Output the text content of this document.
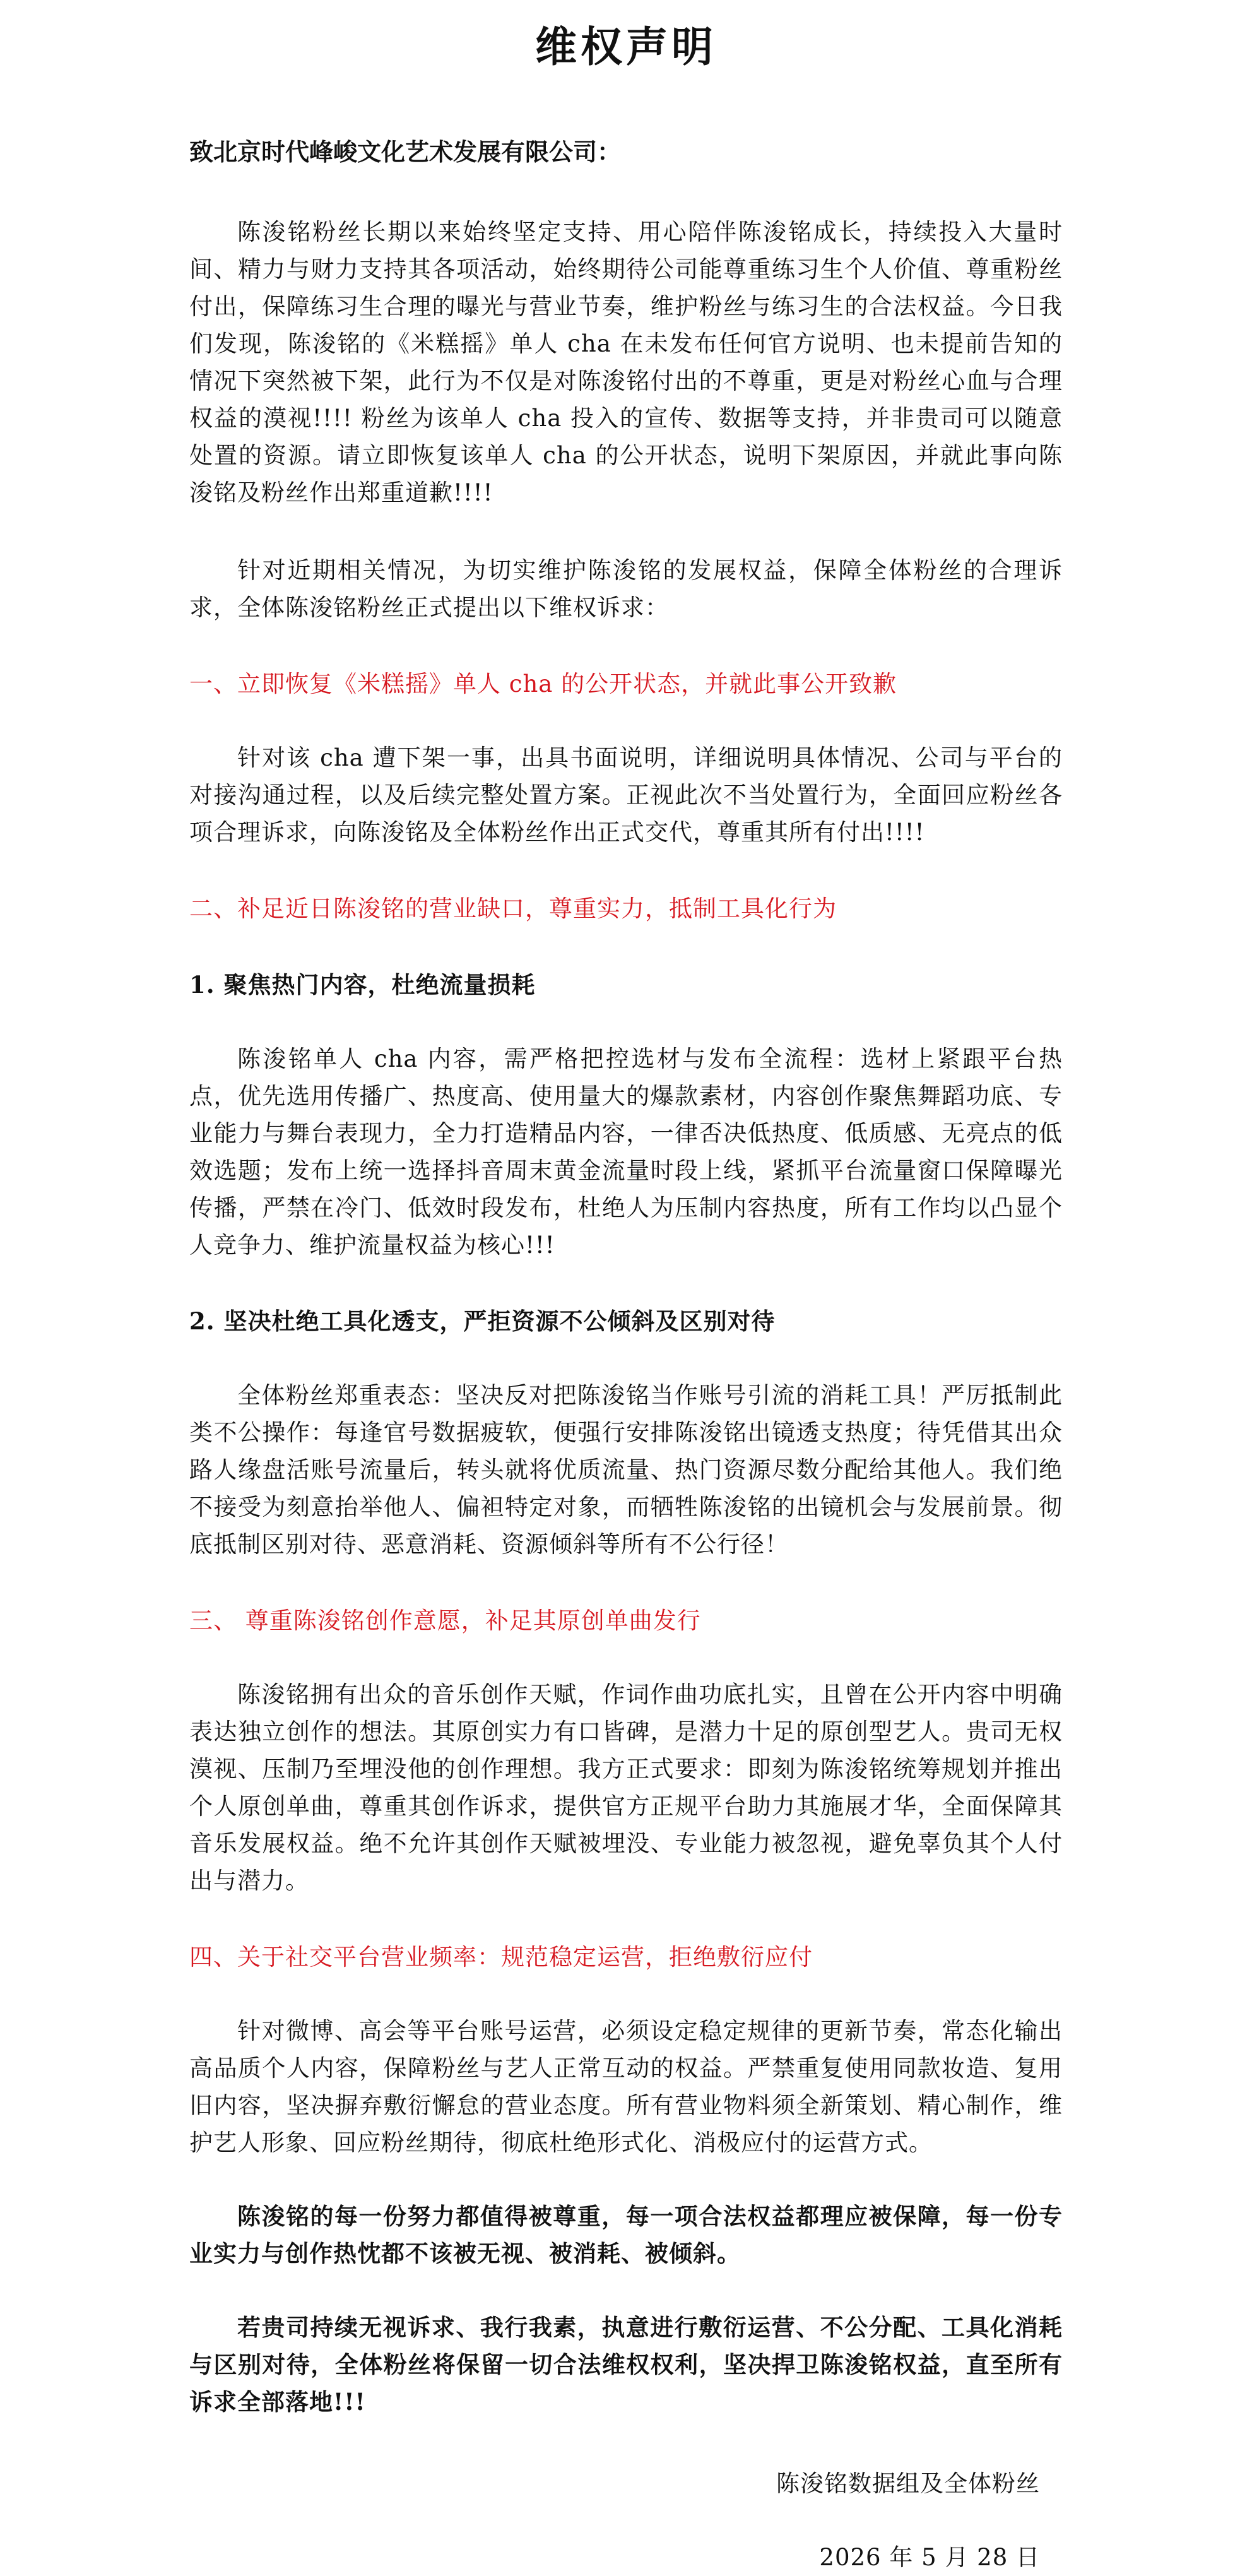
维权声明
致北京时代峰峻文化艺术发展有限公司：
陈浚铭粉丝长期以来始终坚定支持、用心陪伴陈浚铭成长，持续投入大量时间、精力与财力支持其各项活动，始终期待公司能尊重练习生个人价值、尊重粉丝付出，保障练习生合理的曝光与营业节奏，维护粉丝与练习生的合法权益。今日我们发现，陈浚铭的《米糕摇》单人 cha 在未发布任何官方说明、也未提前告知的情况下突然被下架，此行为不仅是对陈浚铭付出的不尊重，更是对粉丝心血与合理权益的漠视!!!! 粉丝为该单人 cha 投入的宣传、数据等支持，并非贵司可以随意处置的资源。请立即恢复该单人 cha 的公开状态，说明下架原因，并就此事向陈浚铭及粉丝作出郑重道歉!!!!
针对近期相关情况，为切实维护陈浚铭的发展权益，保障全体粉丝的合理诉求，全体陈浚铭粉丝正式提出以下维权诉求：
一、立即恢复《米糕摇》单人 cha 的公开状态，并就此事公开致歉
针对该 cha 遭下架一事，出具书面说明，详细说明具体情况、公司与平台的对接沟通过程，以及后续完整处置方案。正视此次不当处置行为，全面回应粉丝各项合理诉求，向陈浚铭及全体粉丝作出正式交代，尊重其所有付出!!!!
二、补足近日陈浚铭的营业缺口，尊重实力，抵制工具化行为
1. 聚焦热门内容，杜绝流量损耗
陈浚铭单人 cha 内容，需严格把控选材与发布全流程：选材上紧跟平台热点，优先选用传播广、热度高、使用量大的爆款素材，内容创作聚焦舞蹈功底、专业能力与舞台表现力，全力打造精品内容，一律否决低热度、低质感、无亮点的低效选题；发布上统一选择抖音周末黄金流量时段上线，紧抓平台流量窗口保障曝光传播，严禁在冷门、低效时段发布，杜绝人为压制内容热度，所有工作均以凸显个人竞争力、维护流量权益为核心!!!
2. 坚决杜绝工具化透支，严拒资源不公倾斜及区别对待
全体粉丝郑重表态：坚决反对把陈浚铭当作账号引流的消耗工具！严厉抵制此类不公操作：每逢官号数据疲软，便强行安排陈浚铭出镜透支热度；待凭借其出众路人缘盘活账号流量后，转头就将优质流量、热门资源尽数分配给其他人。我们绝不接受为刻意抬举他人、偏袒特定对象，而牺牲陈浚铭的出镜机会与发展前景。彻底抵制区别对待、恶意消耗、资源倾斜等所有不公行径！
三、 尊重陈浚铭创作意愿，补足其原创单曲发行
陈浚铭拥有出众的音乐创作天赋，作词作曲功底扎实，且曾在公开内容中明确表达独立创作的想法。其原创实力有口皆碑，是潜力十足的原创型艺人。贵司无权漠视、压制乃至埋没他的创作理想。我方正式要求：即刻为陈浚铭统筹规划并推出个人原创单曲，尊重其创作诉求，提供官方正规平台助力其施展才华，全面保障其音乐发展权益。绝不允许其创作天赋被埋没、专业能力被忽视，避免辜负其个人付出与潜力。
四、关于社交平台营业频率：规范稳定运营，拒绝敷衍应付
针对微博、高会等平台账号运营，必须设定稳定规律的更新节奏，常态化输出高品质个人内容，保障粉丝与艺人正常互动的权益。严禁重复使用同款妆造、复用旧内容，坚决摒弃敷衍懈怠的营业态度。所有营业物料须全新策划、精心制作，维护艺人形象、回应粉丝期待，彻底杜绝形式化、消极应付的运营方式。
陈浚铭的每一份努力都值得被尊重，每一项合法权益都理应被保障，每一份专业实力与创作热忱都不该被无视、被消耗、被倾斜。
若贵司持续无视诉求、我行我素，执意进行敷衍运营、不公分配、工具化消耗与区别对待，全体粉丝将保留一切合法维权权利，坚决捍卫陈浚铭权益，直至所有诉求全部落地!!!
陈浚铭数据组及全体粉丝
2026 年 5 月 28 日
